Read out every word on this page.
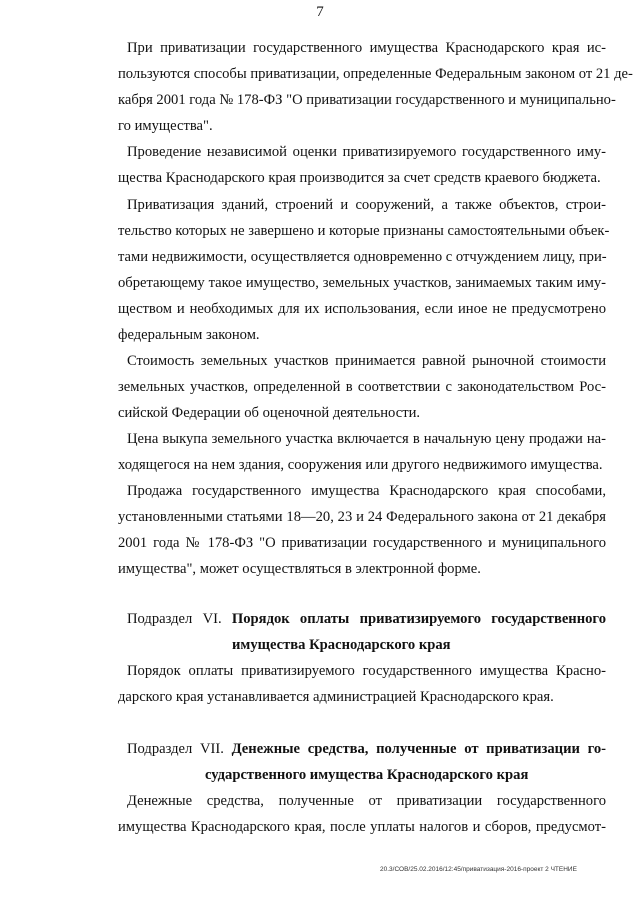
7
При приватизации государственного имущества Краснодарского края ис-
пользуются способы приватизации, определенные Федеральным законом от 21 де-
кабря 2001 года № 178-ФЗ "О приватизации государственного и муниципально-
го имущества".
Проведение независимой оценки приватизируемого государственного иму-
щества Краснодарского края производится за счет средств краевого бюджета.
Приватизация зданий, строений и сооружений, а также объектов, строи-
тельство которых не завершено и которые признаны самостоятельными объек-
тами недвижимости, осуществляется одновременно с отчуждением лицу, при-
обретающему такое имущество, земельных участков, занимаемых таким иму-
ществом и необходимых для их использования, если иное не предусмотрено
федеральным законом.
Стоимость земельных участков принимается равной рыночной стоимости
земельных участков, определенной в соответствии с законодательством Рос-
сийской Федерации об оценочной деятельности.
Цена выкупа земельного участка включается в начальную цену продажи на-
ходящегося на нем здания, сооружения или другого недвижимого имущества.
Продажа государственного имущества Краснодарского края способами,
установленными статьями 18—20, 23 и 24 Федерального закона от 21 декабря
2001 года № 178-ФЗ "О приватизации государственного и муниципального
имущества", может осуществляться в электронной форме.
Подраздел VI. Порядок оплаты приватизируемого государственного
имущества Краснодарского края
Порядок оплаты приватизируемого государственного имущества Красно-
дарского края устанавливается администрацией Краснодарского края.
Подраздел VII. Денежные средства, полученные от приватизации го-
сударственного имущества Краснодарского края
Денежные средства, полученные от приватизации государственного
имущества Краснодарского края, после уплаты налогов и сборов, предусмот-
20.3/СОВ/25.02.2016/12:45/приватизация-2016-проект 2 ЧТЕНИЕ
